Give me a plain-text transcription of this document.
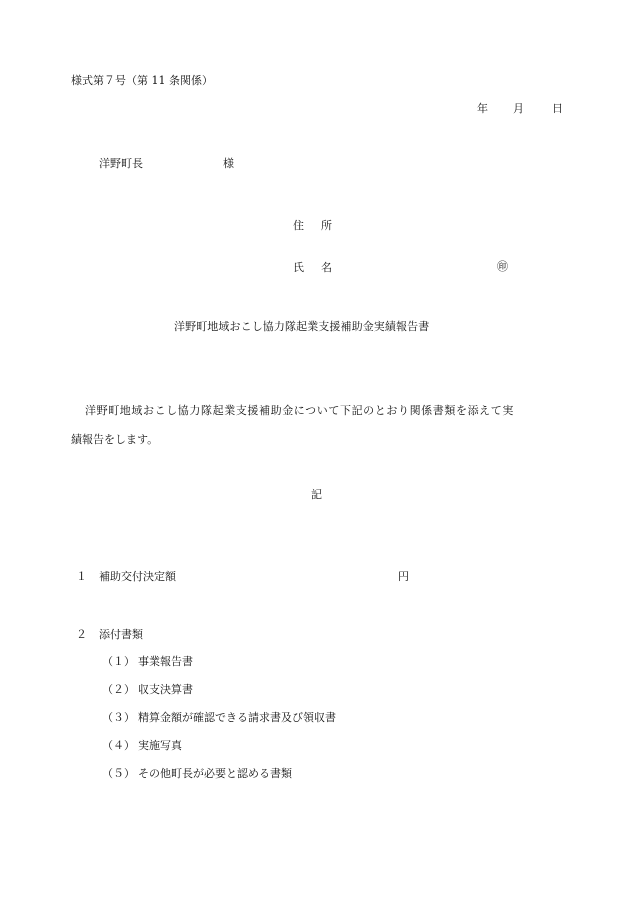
様式第７号（第 11 条関係）
年 月	日
洋野町長	様
住 所
氏 名	㊞
洋野町地域おこし協力隊起業支援補助金実績報告書
洋野町地域おこし協力隊起業支援補助金について下記のとおり関係書類を添えて実
績報告をします。
記
１ 補助交付決定額	円
２ 添付書類
（１） 事業報告書
（２） 収支決算書
（３） 精算金額が確認できる請求書及び領収書
（４） 実施写真
（５） その他町長が必要と認める書類
